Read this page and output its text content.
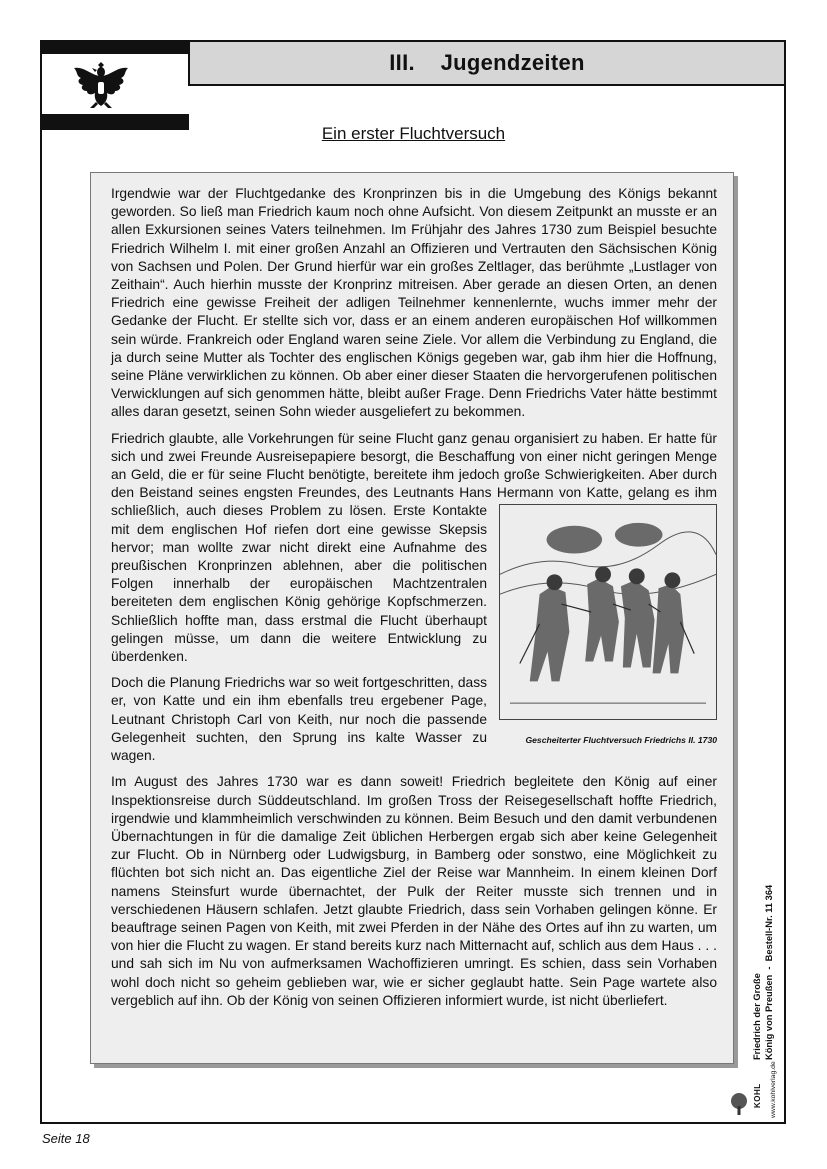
III. Jugendzeiten
Ein erster Fluchtversuch

Irgendwie war der Fluchtgedanke des Kronprinzen bis in die Umgebung des Königs bekannt geworden. So ließ man Friedrich kaum noch ohne Aufsicht. Von diesem Zeitpunkt an musste er an allen Exkursionen seines Vaters teilnehmen. Im Frühjahr des Jahres 1730 zum Beispiel besuchte Friedrich Wilhelm I. mit einer großen Anzahl an Offizieren und Vertrauten den Sächsischen König von Sachsen und Polen. Der Grund hierfür war ein großes Zeltlager, das berühmte „Lustlager von Zeithain“. Auch hierhin musste der Kronprinz mitreisen. Aber gerade an diesen Orten, an denen Friedrich eine gewisse Freiheit der adligen Teilnehmer kennenlernte, wuchs immer mehr der Gedanke der Flucht. Er stellte sich vor, dass er an einem anderen europäischen Hof willkommen sein würde. Frankreich oder England waren seine Ziele. Vor allem die Verbindung zu England, die ja durch seine Mutter als Tochter des englischen Königs gegeben war, gab ihm hier die Hoffnung, seine Pläne verwirklichen zu können. Ob aber einer dieser Staaten die hervorgerufenen politischen Verwicklungen auf sich genommen hätte, bleibt außer Frage. Denn Friedrichs Vater hätte bestimmt alles daran gesetzt, seinen Sohn wieder ausgeliefert zu bekommen.

Friedrich glaubte, alle Vorkehrungen für seine Flucht ganz genau organisiert zu haben. Er hatte für sich und zwei Freunde Ausreisepapiere besorgt, die Beschaffung von einer nicht geringen Menge an Geld, die er für seine Flucht benötigte, bereitete ihm jedoch große Schwierigkeiten. Aber durch den Beistand seines engsten Freundes, des Leutnants Hans Hermann von Katte, gelang es ihm schließlich, auch dieses Problem zu lösen. Erste Kon
Gescheiterter Fluchtversuch Friedrichs II. 1730
takte mit dem englischen Hof riefen dort eine gewisse Skepsis hervor; man wollte zwar nicht direkt eine Aufnahme des preußischen Kronprinzen ablehnen, aber die politischen Folgen innerhalb der europäischen Machtzentralen bereiteten dem englischen König gehörige Kopfschmerzen. Schließlich hoffte man, dass erstmal die Flucht überhaupt gelingen müsse, um dann die weitere Entwicklung zu überdenken.

Doch die Planung Friedrichs war so weit fortgeschritten, dass er, von Katte und ein ihm ebenfalls treu ergebener Page, Leutnant Christoph Carl von Keith, nur noch die passende Gelegenheit suchten, den Sprung ins kalte Wasser zu wagen.

Im August des Jahres 1730 war es dann soweit! Friedrich begleitete den König auf einer Inspektionsreise durch Süddeutschland. Im großen Tross der Reisegesellschaft hoffte Friedrich, irgendwie und klammheimlich verschwinden zu können. Beim Besuch und den damit verbundenen Übernachtungen in für die damalige Zeit üblichen Herbergen ergab sich aber keine Gelegenheit zur Flucht. Ob in Nürnberg oder Ludwigsburg, in Bamberg oder sonstwo, eine Möglichkeit zu flüchten bot sich nicht an. Das eigentliche Ziel der Reise war Mannheim. In einem kleinen Dorf namens Steinsfurt wurde übernachtet, der Pulk der Reiter musste sich trennen und in verschiedenen Häusern schlafen. Jetzt glaubte Friedrich, dass sein Vorhaben gelingen könne. Er beauftrage seinen Pagen von Keith, mit zwei Pferden in der Nähe des Ortes auf ihn zu warten, um von hier die Flucht zu wagen. Er stand bereits kurz nach Mitternacht auf, schlich aus dem Haus . . . und sah sich im Nu von aufmerksamen Wachoffizieren umringt. Es schien, dass sein Vorhaben wohl doch nicht so geheim geblieben war, wie er sicher geglaubt hatte. Sein Page wartete also vergeblich auf ihn. Ob der König von seinen Offizieren informiert wurde, ist nicht überliefert.	Friedrich der Große König von Preußen  -  Bestell-Nr. 11 364
KOHL www.kohlverlag.de
Seite 18
